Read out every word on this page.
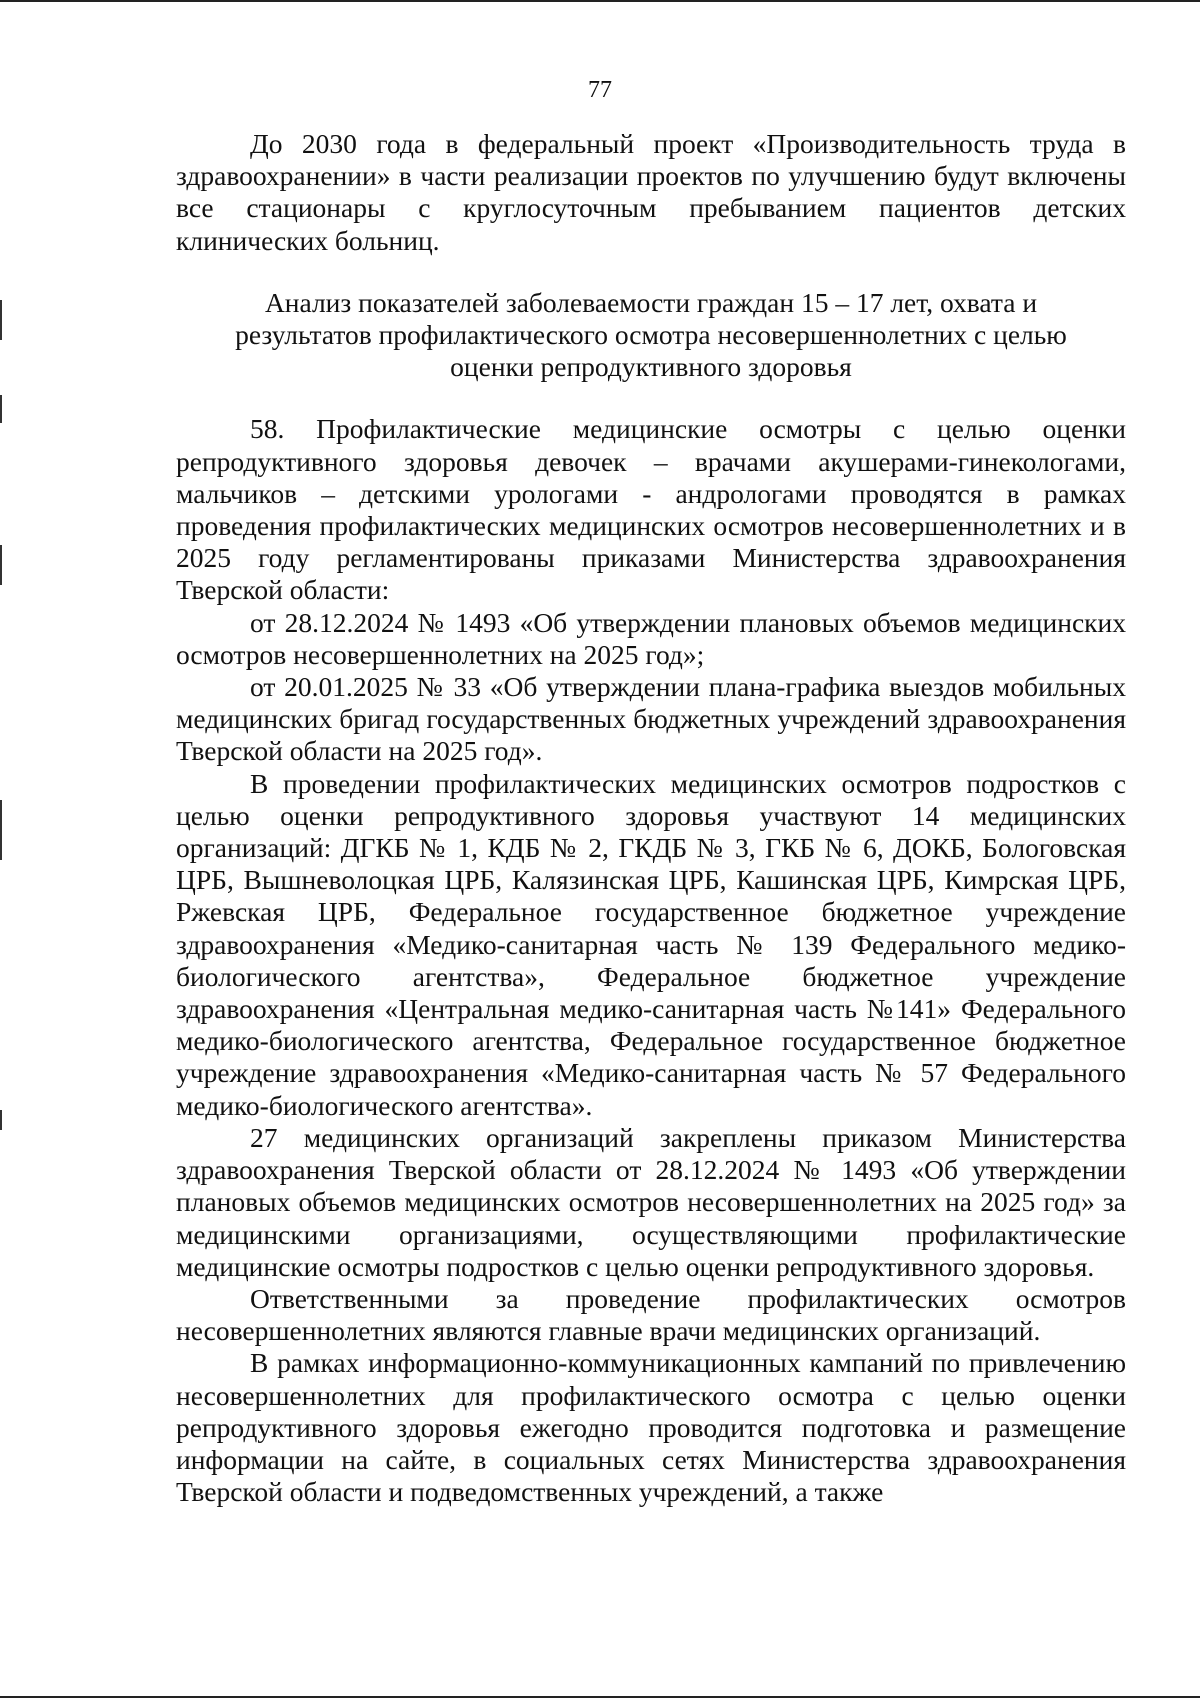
77

До 2030 года в федеральный проект «Производительность труда в здравоохранении» в части реализации проектов по улучшению будут включены все стационары с круглосуточным пребыванием пациентов детских клинических больниц.

Анализ показателей заболеваемости граждан 15 – 17 лет, охвата и
результатов профилактического осмотра несовершеннолетних с целью
оценки репродуктивного здоровья

58. Профилактические медицинские осмотры с целью оценки репродуктивного здоровья девочек – врачами акушерами-гинекологами, мальчиков – детскими урологами - андрологами проводятся в рамках проведения профилактических медицинских осмотров несовершеннолетних и в 2025 году регламентированы приказами Министерства здравоохранения Тверской области:

от 28.12.2024 № 1493 «Об утверждении плановых объемов медицинских осмотров несовершеннолетних на 2025 год»;

от 20.01.2025 № 33 «Об утверждении плана-графика выездов мобильных медицинских бригад государственных бюджетных учреждений здравоохранения Тверской области на 2025 год».

В проведении профилактических медицинских осмотров подростков с целью оценки репродуктивного здоровья участвуют 14 медицинских организаций: ДГКБ № 1, КДБ № 2, ГКДБ № 3, ГКБ № 6, ДОКБ, Бологовская ЦРБ, Вышневолоцкая ЦРБ, Калязинская ЦРБ, Кашинская ЦРБ, Кимрская ЦРБ, Ржевская ЦРБ, Федеральное государственное бюджетное учреждение здравоохранения «Медико-санитарная часть № 139 Федерального медико-биологического агентства», Федеральное бюджетное учреждение здравоохранения «Центральная медико-санитарная часть №141» Федерального медико-биологического агентства, Федеральное государственное бюджетное учреждение здравоохранения «Медико-санитарная часть № 57 Федерального медико-биологического агентства».

27 медицинских организаций закреплены приказом Министерства здравоохранения Тверской области от 28.12.2024 № 1493 «Об утверждении плановых объемов медицинских осмотров несовершеннолетних на 2025 год» за медицинскими организациями, осуществляющими профилактические медицинские осмотры подростков с целью оценки репродуктивного здоровья.

Ответственными за проведение профилактических осмотров несовершеннолетних являются главные врачи медицинских организаций.

В рамках информационно-коммуникационных кампаний по привлечению несовершеннолетних для профилактического осмотра с целью оценки репродуктивного здоровья ежегодно проводится подготовка и размещение информации на сайте, в социальных сетях Министерства здравоохранения Тверской области и подведомственных учреждений, а также
